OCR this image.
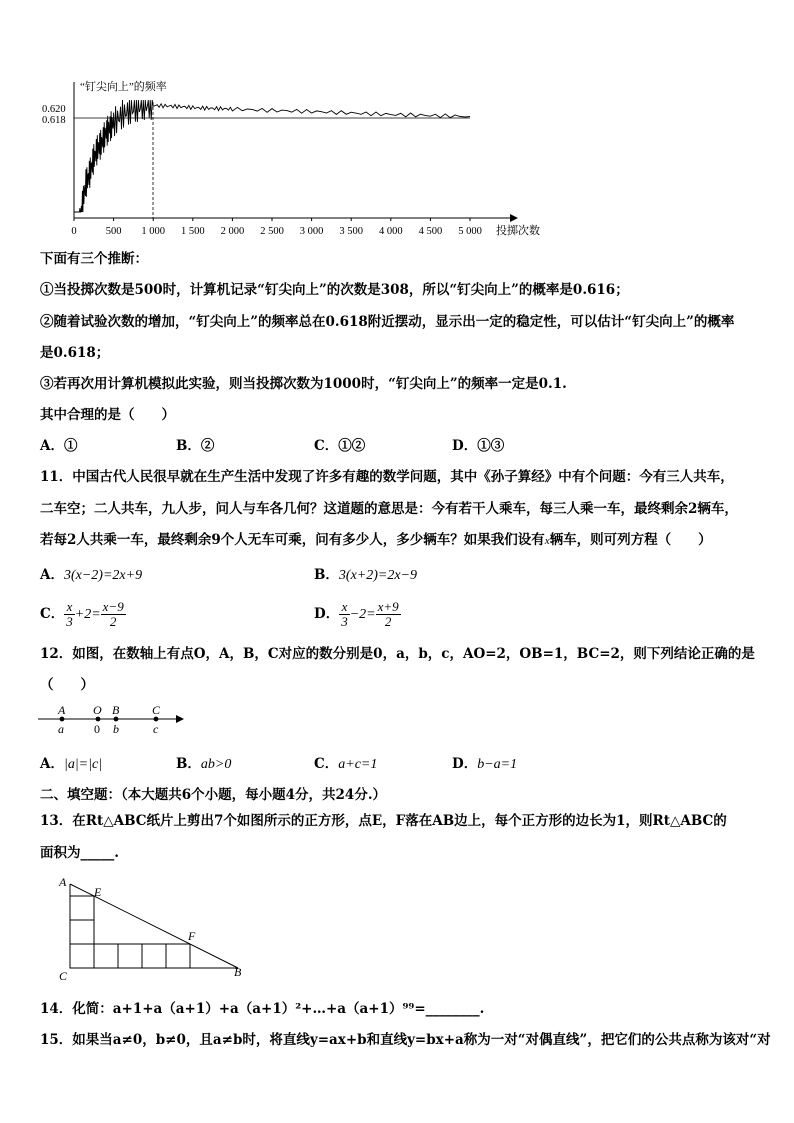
“钉尖向上”的频率
0.620
0.618
0	500 1 000 1 500 2 000 2 500 3 000 3 500 4 000 4 500 5 000 投掷次数
下面有三个推断：
①当投掷次数是500时，计算机记录“钉尖向上”的次数是308，所以“钉尖向上”的概率是0.616；
②随着试验次数的增加，“钉尖向上”的频率总在0.618附近摆动，显示出一定的稳定性，可以估计“钉尖向上”的概率
是0.618；
③若再次用计算机模拟此实验，则当投掷次数为1000时，“钉尖向上”的频率一定是0.1.
其中合理的是（　　）
A．①	B．②	C．①②	D．①③
11．中国古代人民很早就在生产生活中发现了许多有趣的数学问题，其中《孙子算经》中有个问题：今有三人共车，
二车空；二人共车，九人步，问人与车各几何？这道题的意思是：今有若干人乘车，每三人乘一车，最终剩余2辆车，
若每2人共乘一车，最终剩余9个人无车可乘，问有多少人，多少辆车？如果我们设有x辆车，则可列方程（　　）
A．3(x−2)=2x+9	B．3(x+2)=2x−9
C． $\frac{x}{3} +2= \frac{x-9}{2}$	D． $\frac{x}{3} -2= \frac{x+9}{2}$
12．如图，在数轴上有点O，A，B，C对应的数分别是0，a，b，c，AO=2，OB=1，BC=2，则下列结论正确的是
（　　）
A O B	C
a	0 b	c
A．|a|=|c|	B．ab>0	C．a+c=1	D．b−a=1
二、填空题：（本大题共6个小题，每小题4分，共24分.）
13．在Rt△ABC纸片上剪出7个如图所示的正方形，点E，F落在AB边上，每个正方形的边长为1，则Rt△ABC的
面积为_____.
A
E
F
C	B
14．化简：a+1+a（a+1）+a（a+1）²+…+a（a+1）⁹⁹=________.
15．如果当a≠0，b≠0，且a≠b时，将直线y=ax+b和直线y=bx+a称为一对“对偶直线”，把它们的公共点称为该对“对
